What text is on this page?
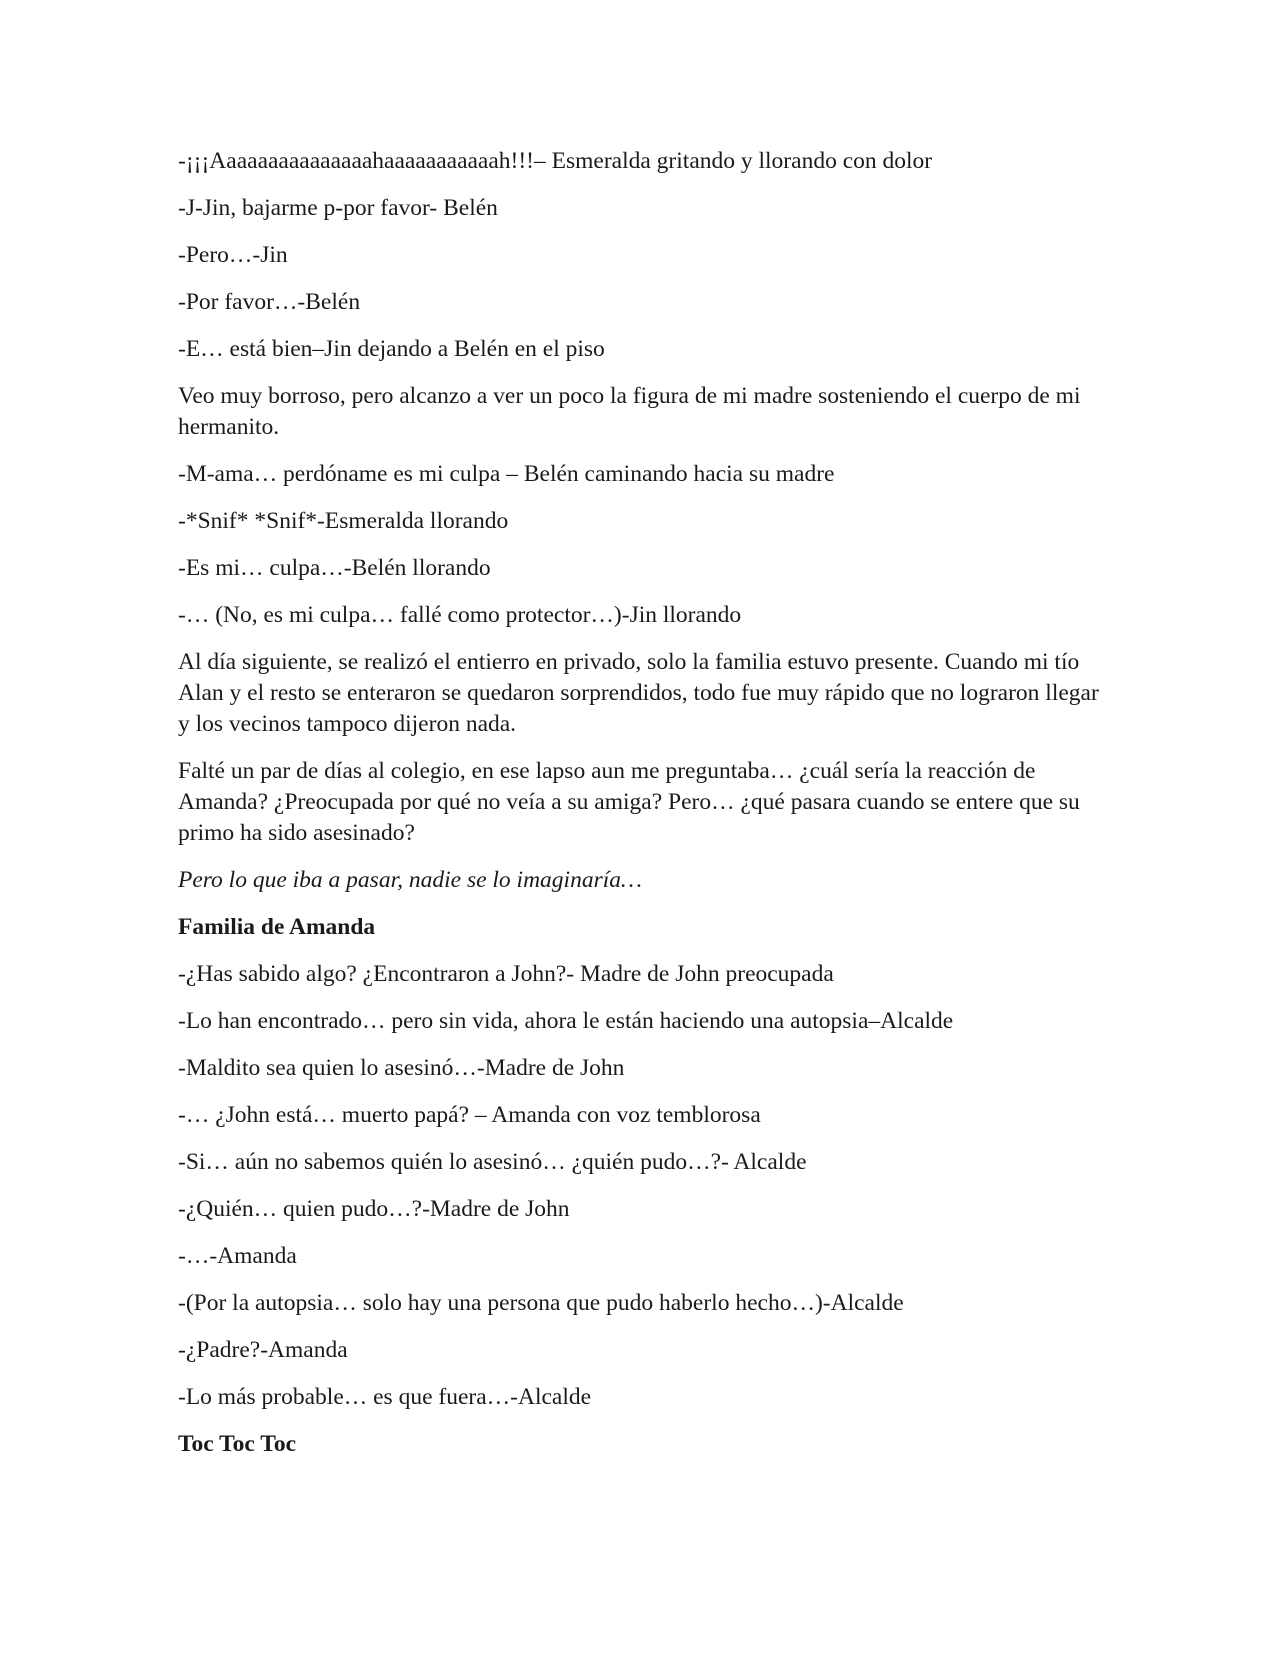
-¡¡¡Aaaaaaaaaaaaaaahaaaaaaaaaaah!!!– Esmeralda gritando y llorando con dolor

-J-Jin, bajarme p-por favor- Belén

-Pero…-Jin

-Por favor…-Belén

-E… está bien–Jin dejando a Belén en el piso

Veo muy borroso, pero alcanzo a ver un poco la figura de mi madre sosteniendo el cuerpo de mi hermanito.

-M-ama… perdóname es mi culpa – Belén caminando hacia su madre

-*Snif* *Snif*-Esmeralda llorando

-Es mi… culpa…-Belén llorando

-… (No, es mi culpa… fallé como protector…)-Jin llorando

Al día siguiente, se realizó el entierro en privado, solo la familia estuvo presente. Cuando mi tío Alan y el resto se enteraron se quedaron sorprendidos, todo fue muy rápido que no lograron llegar y los vecinos tampoco dijeron nada.

Falté un par de días al colegio, en ese lapso aun me preguntaba… ¿cuál sería la reacción de Amanda? ¿Preocupada por qué no veía a su amiga? Pero… ¿qué pasara cuando se entere que su primo ha sido asesinado?

Pero lo que iba a pasar, nadie se lo imaginaría…

Familia de Amanda

-¿Has sabido algo? ¿Encontraron a John?- Madre de John preocupada

-Lo han encontrado… pero sin vida, ahora le están haciendo una autopsia–Alcalde

-Maldito sea quien lo asesinó…-Madre de John

-… ¿John está… muerto papá? – Amanda con voz temblorosa

-Si… aún no sabemos quién lo asesinó… ¿quién pudo…?- Alcalde

-¿Quién… quien pudo…?-Madre de John

-…-Amanda

-(Por la autopsia… solo hay una persona que pudo haberlo hecho…)-Alcalde

-¿Padre?-Amanda

-Lo más probable… es que fuera…-Alcalde

Toc Toc Toc
